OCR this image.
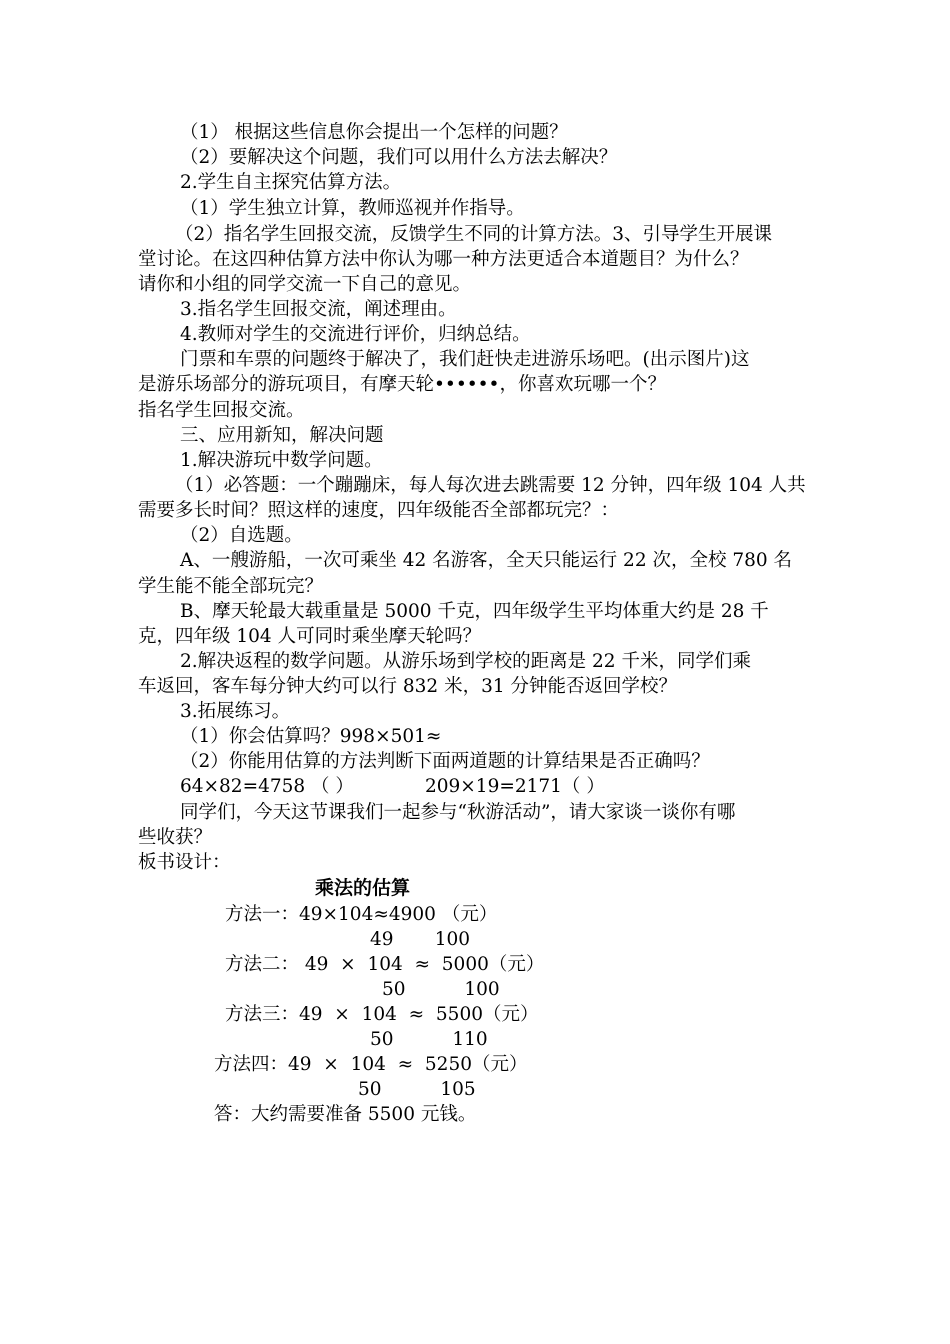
（1） 根据这些信息你会提出一个怎样的问题？
（2）要解决这个问题，我们可以用什么方法去解决？
2.学生自主探究估算方法。
（1）学生独立计算，教师巡视并作指导。
（2）指名学生回报交流，反馈学生不同的计算方法。3、引导学生开展课
堂讨论。在这四种估算方法中你认为哪一种方法更适合本道题目？为什么？
请你和小组的同学交流一下自己的意见。
3.指名学生回报交流，阐述理由。
4.教师对学生的交流进行评价，归纳总结。
门票和车票的问题终于解决了，我们赶快走进游乐场吧。(出示图片)这
是游乐场部分的游玩项目，有摩天轮••••••，你喜欢玩哪一个？
指名学生回报交流。
三、应用新知，解决问题
1.解决游玩中数学问题。
（1）必答题：一个蹦蹦床，每人每次进去跳需要 12 分钟，四年级 104 人共
需要多长时间？照这样的速度，四年级能否全部都玩完？：
（2）自选题。
A、一艘游船，一次可乘坐 42 名游客，全天只能运行 22 次，全校 780 名
学生能不能全部玩完？
B、摩天轮最大载重量是 5000 千克，四年级学生平均体重大约是 28 千
克，四年级 104 人可同时乘坐摩天轮吗？
2.解决返程的数学问题。从游乐场到学校的距离是 22 千米，同学们乘
车返回，客车每分钟大约可以行 832 米，31 分钟能否返回学校？
3.拓展练习。
（1）你会估算吗？998×501≈
（2）你能用估算的方法判断下面两道题的计算结果是否正确吗？
64×82=4758 （ ）	209×19=2171（ ）
同学们，今天这节课我们一起参与“秋游活动”，请大家谈一谈你有哪
些收获？
板书设计：
乘法的估算
方法一：49×104≈4900 （元）
49       100
方法二： 49  ×  104  ≈  5000（元）
50          100
方法三：49  ×  104  ≈  5500（元）
50          110
方法四：49  ×  104  ≈  5250（元）
50          105
答：大约需要准备 5500 元钱。
